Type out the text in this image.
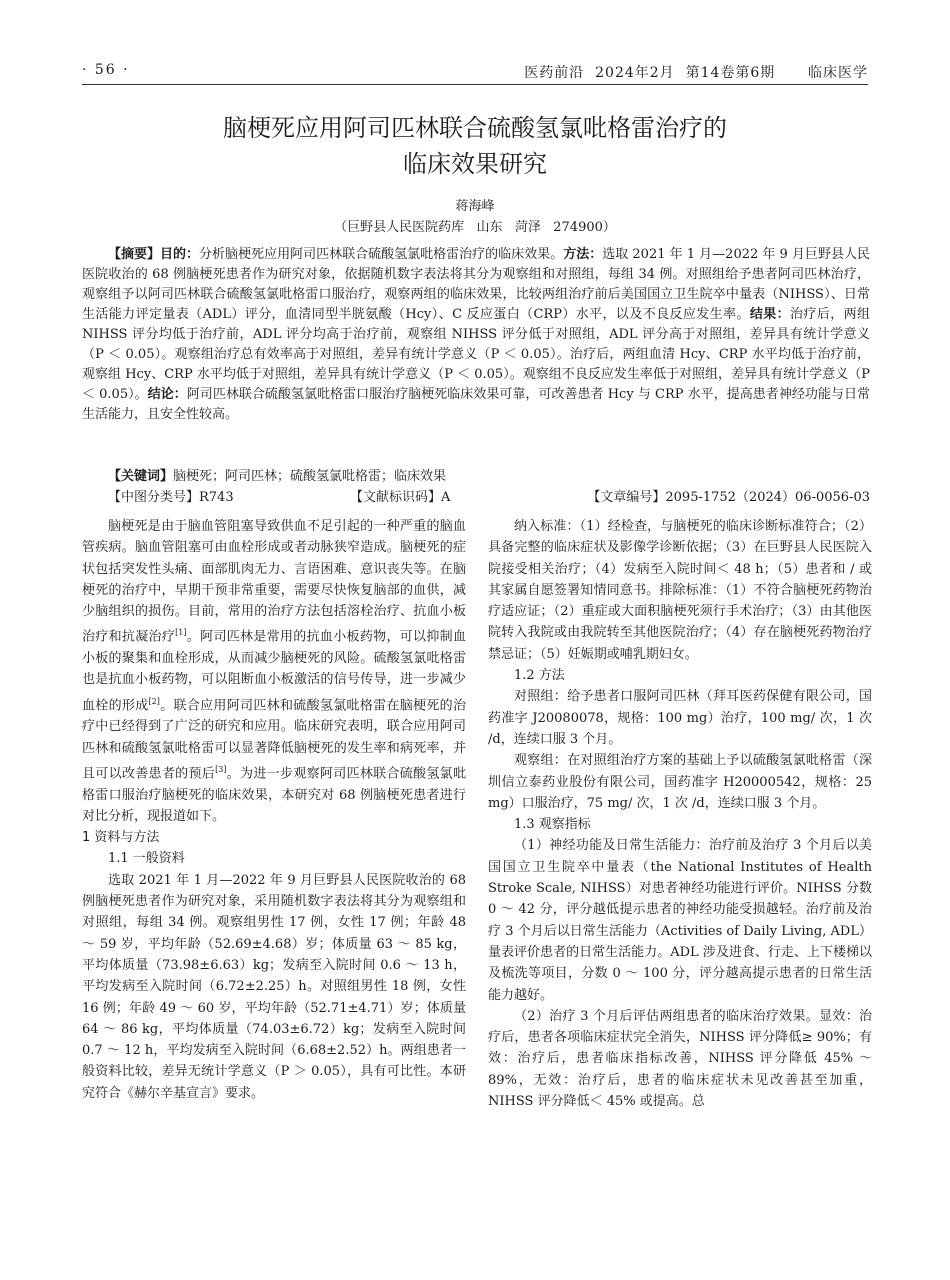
· 56 ·	医药前沿  2024年2月  第14卷第6期      临床医学
脑梗死应用阿司匹林联合硫酸氢氯吡格雷治疗的
临床效果研究
蒋海峰
（巨野县人民医院药库   山东   菏泽   274900）
【摘要】目的：分析脑梗死应用阿司匹林联合硫酸氢氯吡格雷治疗的临床效果。方法：选取 2021 年 1 月—2022 年 9 月巨野县人民医院收治的 68 例脑梗死患者作为研究对象，依据随机数字表法将其分为观察组和对照组，每组 34 例。对照组给予患者阿司匹林治疗，观察组予以阿司匹林联合硫酸氢氯吡格雷口服治疗，观察两组的临床效果，比较两组治疗前后美国国立卫生院卒中量表（NIHSS）、日常生活能力评定量表（ADL）评分，血清同型半胱氨酸（Hcy）、C 反应蛋白（CRP）水平，以及不良反应发生率。结果：治疗后，两组 NIHSS 评分均低于治疗前，ADL 评分均高于治疗前，观察组 NIHSS 评分低于对照组，ADL 评分高于对照组，差异具有统计学意义（P ＜ 0.05）。观察组治疗总有效率高于对照组，差异有统计学意义（P ＜ 0.05）。治疗后，两组血清 Hcy、CRP 水平均低于治疗前，观察组 Hcy、CRP 水平均低于对照组，差异具有统计学意义（P ＜ 0.05）。观察组不良反应发生率低于对照组，差异具有统计学意义（P ＜ 0.05）。结论：阿司匹林联合硫酸氢氯吡格雷口服治疗脑梗死临床效果可靠，可改善患者 Hcy 与 CRP 水平，提高患者神经功能与日常生活能力，且安全性较高。
【关键词】脑梗死；阿司匹林；硫酸氢氯吡格雷；临床效果
【中图分类号】R743	【文献标识码】A	【文章编号】2095-1752（2024）06-0056-03

脑梗死是由于脑血管阻塞导致供血不足引起的一种严重的脑血管疾病。脑血管阻塞可由血栓形成或者动脉狭窄造成。脑梗死的症状包括突发性头痛、面部肌肉无力、言语困难、意识丧失等。在脑梗死的治疗中，早期干预非常重要，需要尽快恢复脑部的血供，减少脑组织的损伤。目前，常用的治疗方法包括溶栓治疗、抗血小板治疗和抗凝治疗[1]。阿司匹林是常用的抗血小板药物，可以抑制血小板的聚集和血栓形成，从而减少脑梗死的风险。硫酸氢氯吡格雷也是抗血小板药物，可以阻断血小板激活的信号传导，进一步减少血栓的形成[2]。联合应用阿司匹林和硫酸氢氯吡格雷在脑梗死的治疗中已经得到了广泛的研究和应用。临床研究表明，联合应用阿司匹林和硫酸氢氯吡格雷可以显著降低脑梗死的发生率和病死率，并且可以改善患者的预后[3]。为进一步观察阿司匹林联合硫酸氢氯吡格雷口服治疗脑梗死的临床效果，本研究对 68 例脑梗死患者进行对比分析，现报道如下。

1 资料与方法

1.1 一般资料

选取 2021 年 1 月—2022 年 9 月巨野县人民医院收治的 68 例脑梗死患者作为研究对象，采用随机数字表法将其分为观察组和对照组，每组 34 例。观察组男性 17 例，女性 17 例；年龄 48 ～ 59 岁，平均年龄（52.69±4.68）岁；体质量 63 ～ 85 kg，平均体质量（73.98±6.63）kg；发病至入院时间 0.6 ～ 13 h，平均发病至入院时间（6.72±2.25）h。对照组男性 18 例，女性 16 例；年龄 49 ～ 60 岁，平均年龄（52.71±4.71）岁；体质量 64 ～ 86 kg，平均体质量（74.03±6.72）kg；发病至入院时间 0.7 ～ 12 h，平均发病至入院时间（6.68±2.52）h。两组患者一般资料比较，差异无统计学意义（P ＞ 0.05），具有可比性。本研究符合《赫尔辛基宣言》要求。

纳入标准：（1）经检查，与脑梗死的临床诊断标准符合；（2）具备完整的临床症状及影像学诊断依据；（3）在巨野县人民医院入院接受相关治疗；（4）发病至入院时间＜ 48 h；（5）患者和 / 或其家属自愿签署知情同意书。排除标准：（1）不符合脑梗死药物治疗适应证；（2）重症或大面积脑梗死须行手术治疗；（3）由其他医院转入我院或由我院转至其他医院治疗；（4）存在脑梗死药物治疗禁忌证；（5）妊娠期或哺乳期妇女。

1.2 方法

对照组：给予患者口服阿司匹林（拜耳医药保健有限公司，国药准字 J20080078，规格：100 mg）治疗，100 mg/ 次，1 次 /d，连续口服 3 个月。

观察组：在对照组治疗方案的基础上予以硫酸氢氯吡格雷（深圳信立泰药业股份有限公司，国药准字 H20000542，规格：25 mg）口服治疗，75 mg/ 次，1 次 /d，连续口服 3 个月。

1.3 观察指标

（1）神经功能及日常生活能力：治疗前及治疗 3 个月后以美国国立卫生院卒中量表（the National Institutes of Health Stroke Scale, NIHSS）对患者神经功能进行评价。NIHSS 分数 0 ～ 42 分，评分越低提示患者的神经功能受损越轻。治疗前及治疗 3 个月后以日常生活能力（Activities of Daily Living, ADL）量表评价患者的日常生活能力。ADL 涉及进食、行走、上下楼梯以及梳洗等项目，分数 0 ～ 100 分，评分越高提示患者的日常生活能力越好。

（2）治疗 3 个月后评估两组患者的临床治疗效果。显效：治疗后，患者各项临床症状完全消失，NIHSS 评分降低≥ 90%；有效：治疗后，患者临床指标改善，NIHSS 评分降低 45% ～ 89%，无效：治疗后，患者的临床症状未见改善甚至加重，NIHSS 评分降低＜ 45% 或提高。总
